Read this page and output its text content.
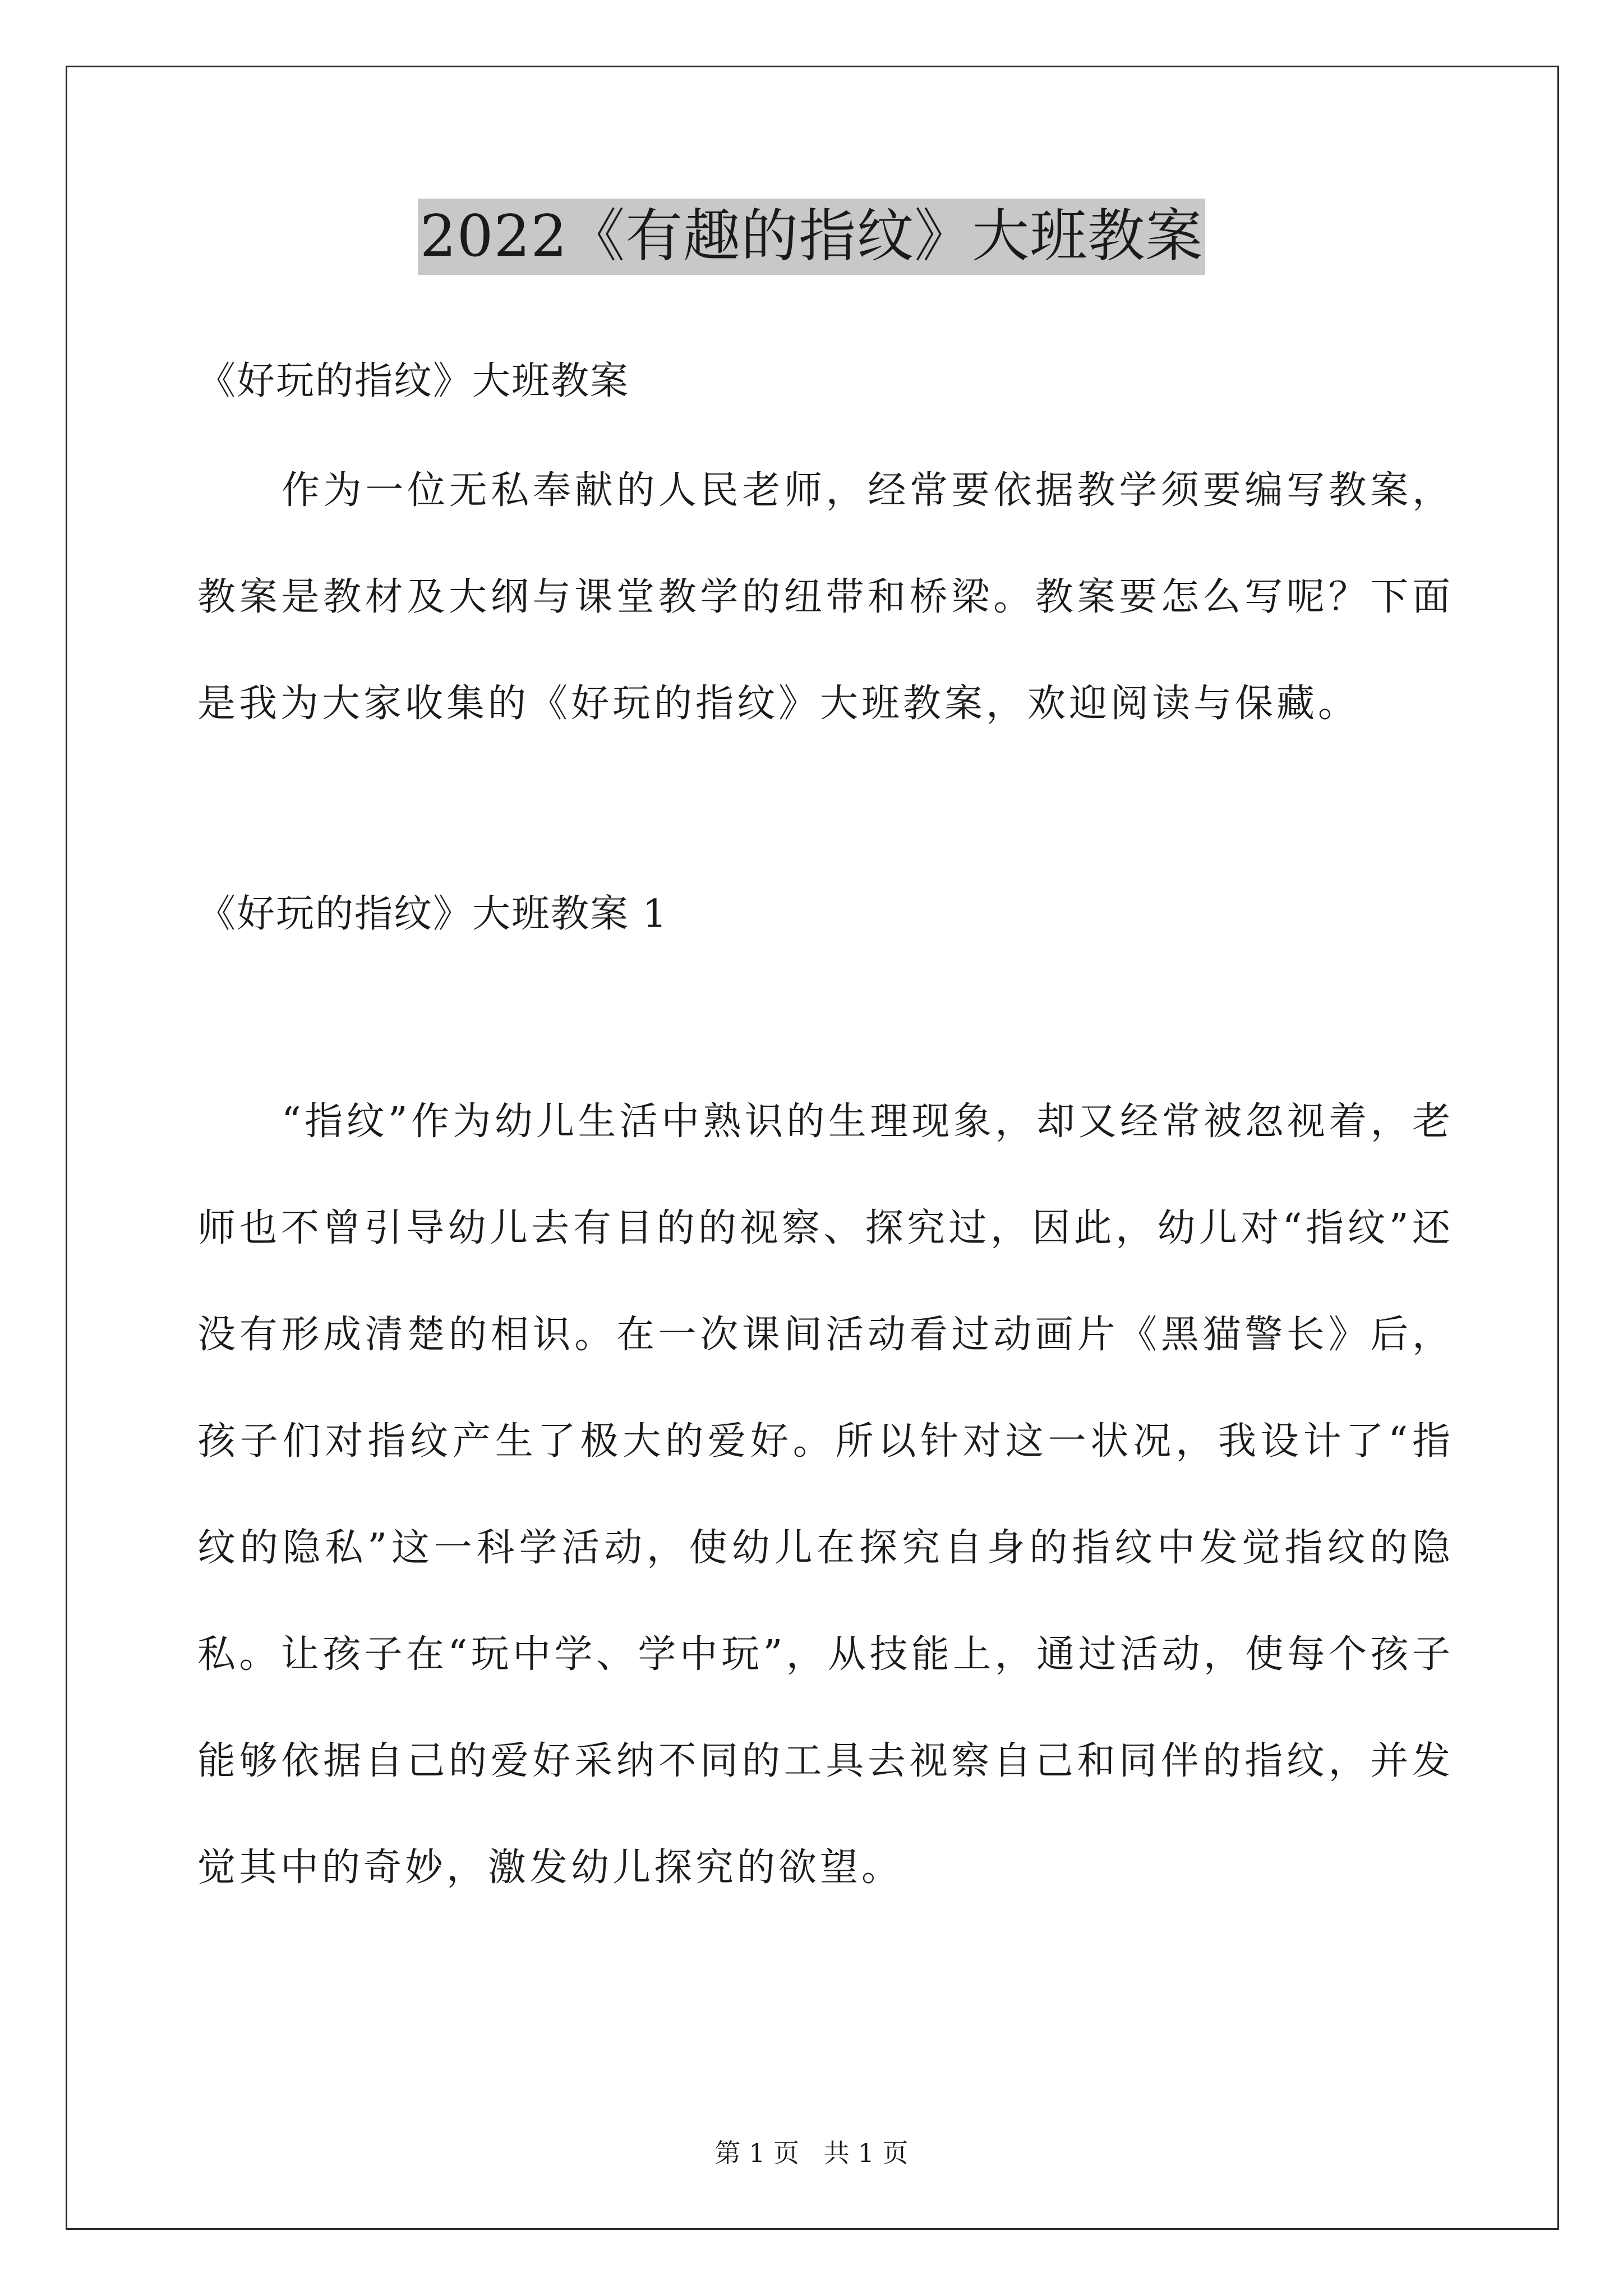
2022《有趣的指纹》大班教案
《好玩的指纹》大班教案

作为一位无私奉献的人民老师，经常要依据教学须要编写教案，教案是教材及大纲与课堂教学的纽带和桥梁。教案要怎么写呢？下面是我为大家收集的《好玩的指纹》大班教案，欢迎阅读与保藏。

《好玩的指纹》大班教案 1

“指纹”作为幼儿生活中熟识的生理现象，却又经常被忽视着，老师也不曾引导幼儿去有目的的视察、探究过，因此，幼儿对“指纹”还没有形成清楚的相识。在一次课间活动看过动画片《黑猫警长》后，孩子们对指纹产生了极大的爱好。所以针对这一状况，我设计了“指纹的隐私”这一科学活动，使幼儿在探究自身的指纹中发觉指纹的隐私。让孩子在“玩中学、学中玩”，从技能上，通过活动，使每个孩子能够依据自己的爱好采纳不同的工具去视察自己和同伴的指纹，并发觉其中的奇妙，激发幼儿探究的欲望。

第 1 页   共 1 页
